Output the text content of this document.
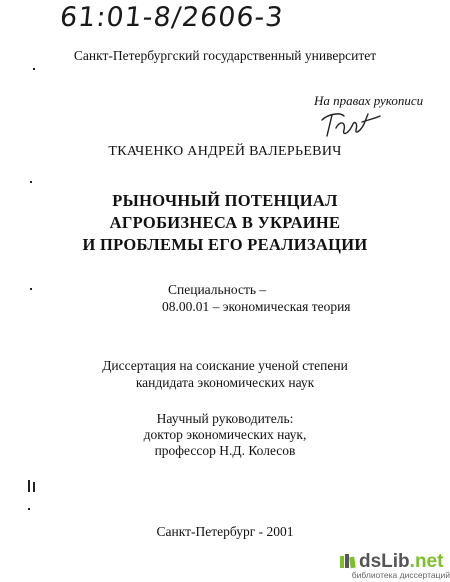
61:01-8/2606-3
Санкт-Петербургский государственный университет
На правах рукописи
ТКАЧЕНКО АНДРЕЙ ВАЛЕРЬЕВИЧ
РЫНОЧНЫЙ ПОТЕНЦИАЛ
АГРОБИЗНЕСА В УКРАИНЕ
И ПРОБЛЕМЫ ЕГО РЕАЛИЗАЦИИ
Специальность –
08.00.01 – экономическая теория
Диссертация на соискание ученой степени
кандидата экономических наук
Научный руководитель:
доктор экономических наук,
профессор Н.Д. Колесов
Санкт-Петербург - 2001
dsLib.net
библиотека диссертаций
